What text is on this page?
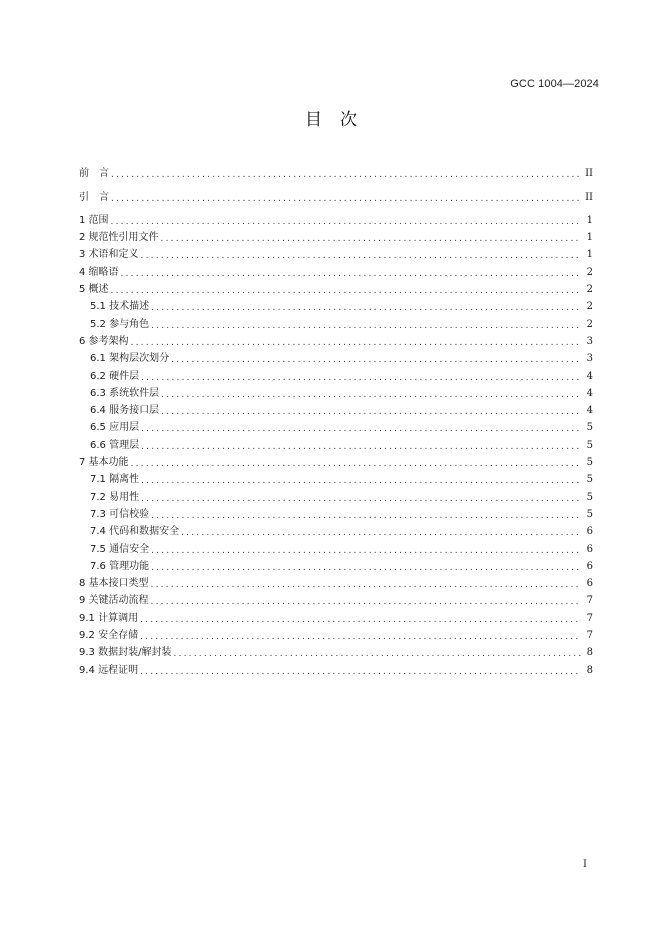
GCC 1004—2024
目次
前　言 .....	II
引　言 .....	II
1 范围 .....	1
2 规范性引用文件 .....	1
3 术语和定义 .....	1
4 缩略语 .....	2
5 概述 .....	2
5.1 技术描述 .....	2
5.2 参与角色 .....	2
6 参考架构 .....	3
6.1 架构层次划分 .....	3
6.2 硬件层 .....	4
6.3 系统软件层 .....	4
6.4 服务接口层 .....	4
6.5 应用层 .....	5
6.6 管理层 .....	5
7 基本功能 .....	5
7.1 隔离性 .....	5
7.2 易用性 .....	5
7.3 可信校验 .....	5
7.4 代码和数据安全 .....	6
7.5 通信安全 .....	6
7.6 管理功能 .....	6
8 基本接口类型 .....	6
9 关键活动流程 .....	7
9.1 计算调用 .....	7
9.2 安全存储 .....	7
9.3 数据封装/解封装 .....	8
9.4 远程证明 .....	8
I
